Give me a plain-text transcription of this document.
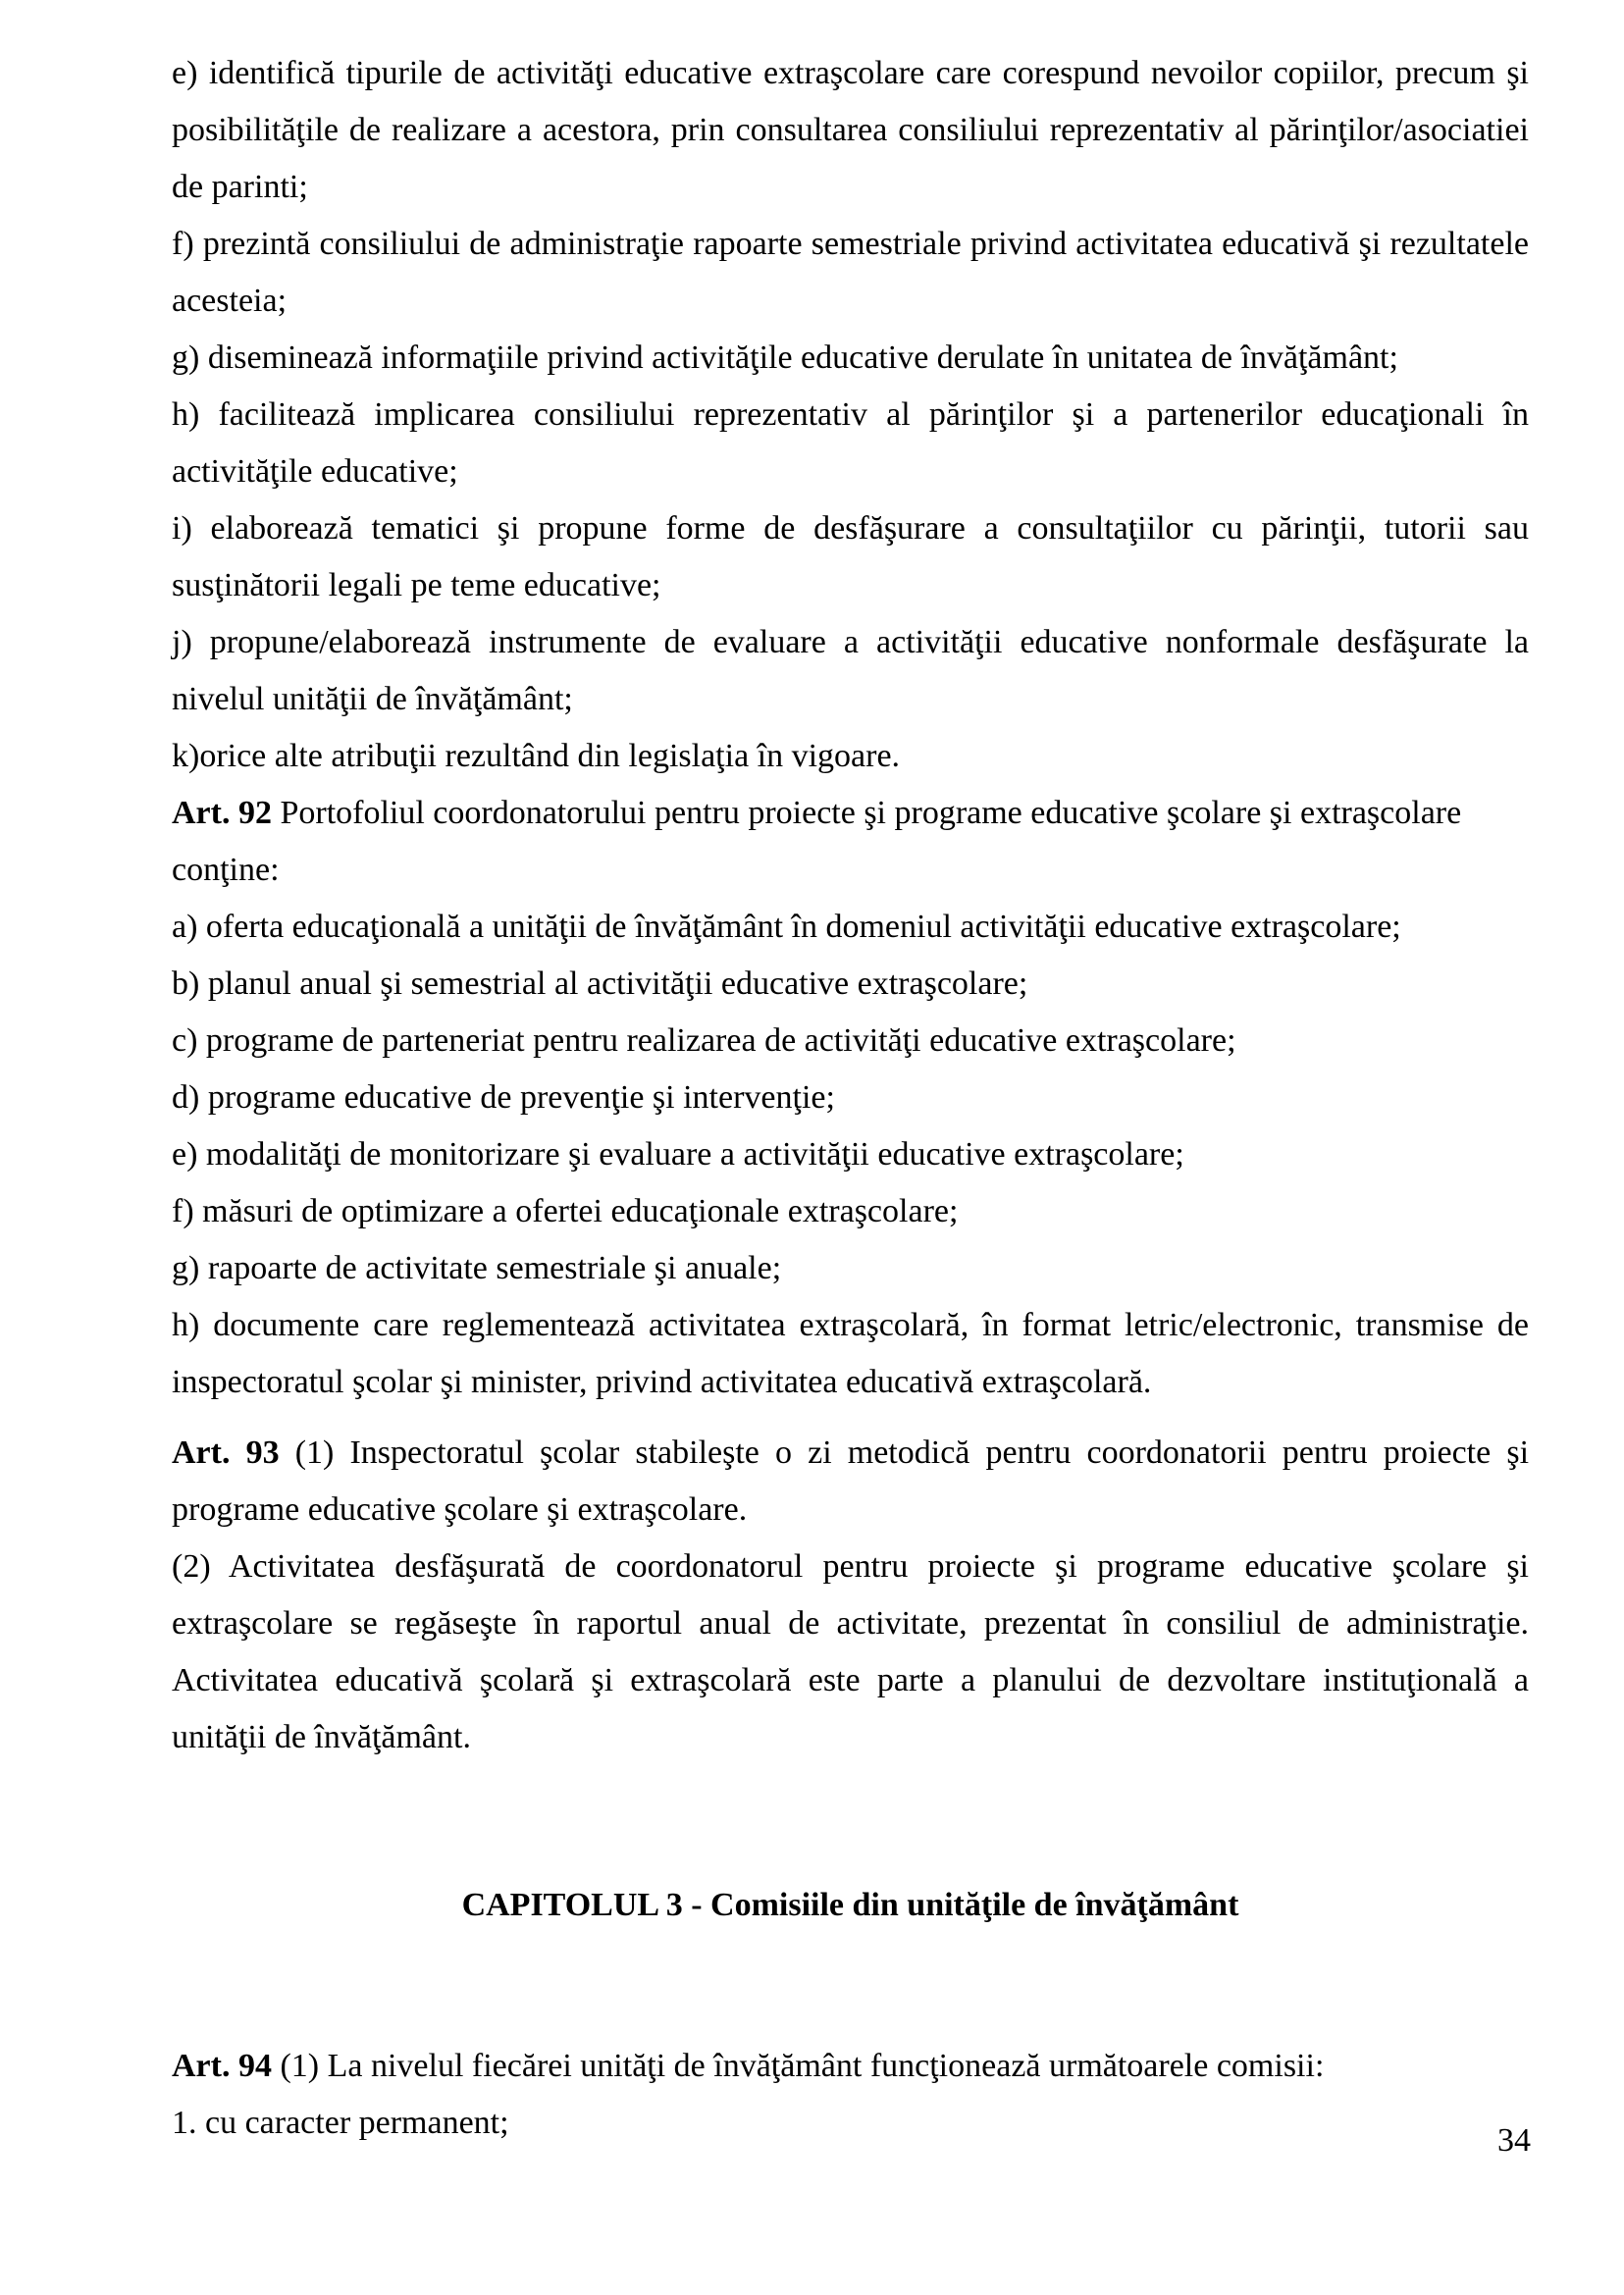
e) identifică tipurile de activităţi educative extraşcolare care corespund nevoilor copiilor, precum şi posibilităţile de realizare a acestora, prin consultarea consiliului reprezentativ al părinţilor/asociatiei de parinti;

f) prezintă consiliului de administraţie rapoarte semestriale privind activitatea educativă şi rezultatele acesteia;

g) diseminează informaţiile privind activităţile educative derulate în unitatea de învăţământ;

h) facilitează implicarea consiliului reprezentativ al părinţilor şi a partenerilor educaţionali în activităţile educative;

i) elaborează tematici şi propune forme de desfăşurare a consultaţiilor cu părinţii, tutorii sau susţinătorii legali pe teme educative;

j) propune/elaborează instrumente de evaluare a activităţii educative nonformale desfăşurate la nivelul unităţii de învăţământ;

k)orice alte atribuţii rezultând din legislaţia în vigoare.

Art. 92 Portofoliul coordonatorului pentru proiecte şi programe educative şcolare şi extraşcolare conţine:

a) oferta educaţională a unităţii de învăţământ în domeniul activităţii educative extraşcolare;

b) planul anual şi semestrial al activităţii educative extraşcolare;

c) programe de parteneriat pentru realizarea de activităţi educative extraşcolare;

d) programe educative de prevenţie şi intervenţie;

e) modalităţi de monitorizare şi evaluare a activităţii educative extraşcolare;

f) măsuri de optimizare a ofertei educaţionale extraşcolare;

g) rapoarte de activitate semestriale şi anuale;

h) documente care reglementează activitatea extraşcolară, în format letric/electronic, transmise de inspectoratul şcolar şi minister, privind activitatea educativă extraşcolară.

Art. 93 (1) Inspectoratul şcolar stabileşte o zi metodică pentru coordonatorii pentru proiecte şi programe educative şcolare şi extraşcolare.

(2) Activitatea desfăşurată de coordonatorul pentru proiecte şi programe educative şcolare şi extraşcolare se regăseşte în raportul anual de activitate, prezentat în consiliul de administraţie. Activitatea educativă şcolară şi extraşcolară este parte a planului de dezvoltare instituţională a unităţii de învăţământ.

CAPITOLUL 3 - Comisiile din unităţile de învăţământ

Art. 94 (1) La nivelul fiecărei unităţi de învăţământ funcţionează următoarele comisii:

1. cu caracter permanent;	34
